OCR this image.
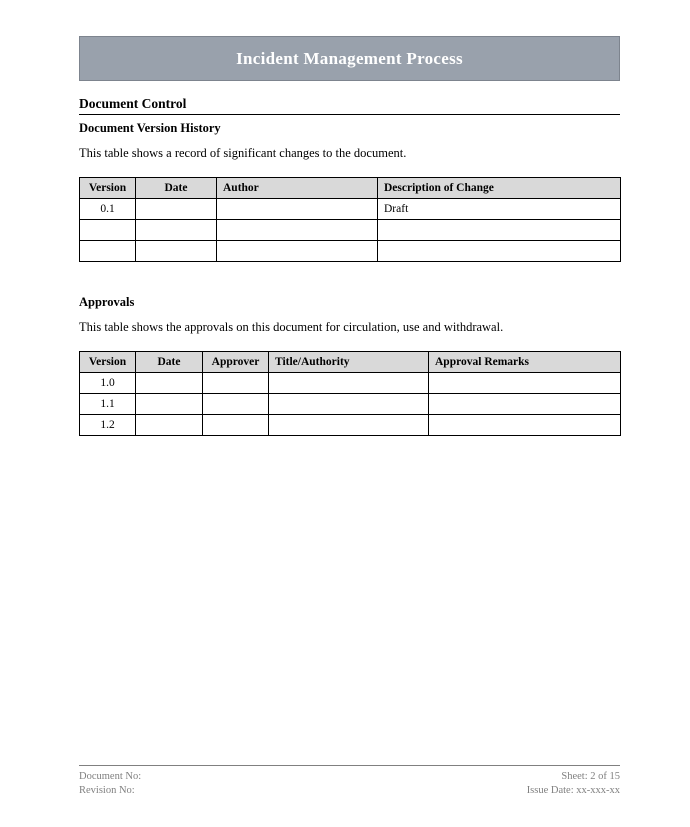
Incident Management Process
Document Control
Document Version History
This table shows a record of significant changes to the document.
Version	Date	Author	Description of Change
0.1			Draft

Approvals
This table shows the approvals on this document for circulation, use and withdrawal.
Version	Date	Approver	Title/Authority	Approval Remarks
1.0				
1.1				
1.2				
Document No:	Sheet: 2 of 15
Revision No:	Issue Date: xx-xxx-xx
